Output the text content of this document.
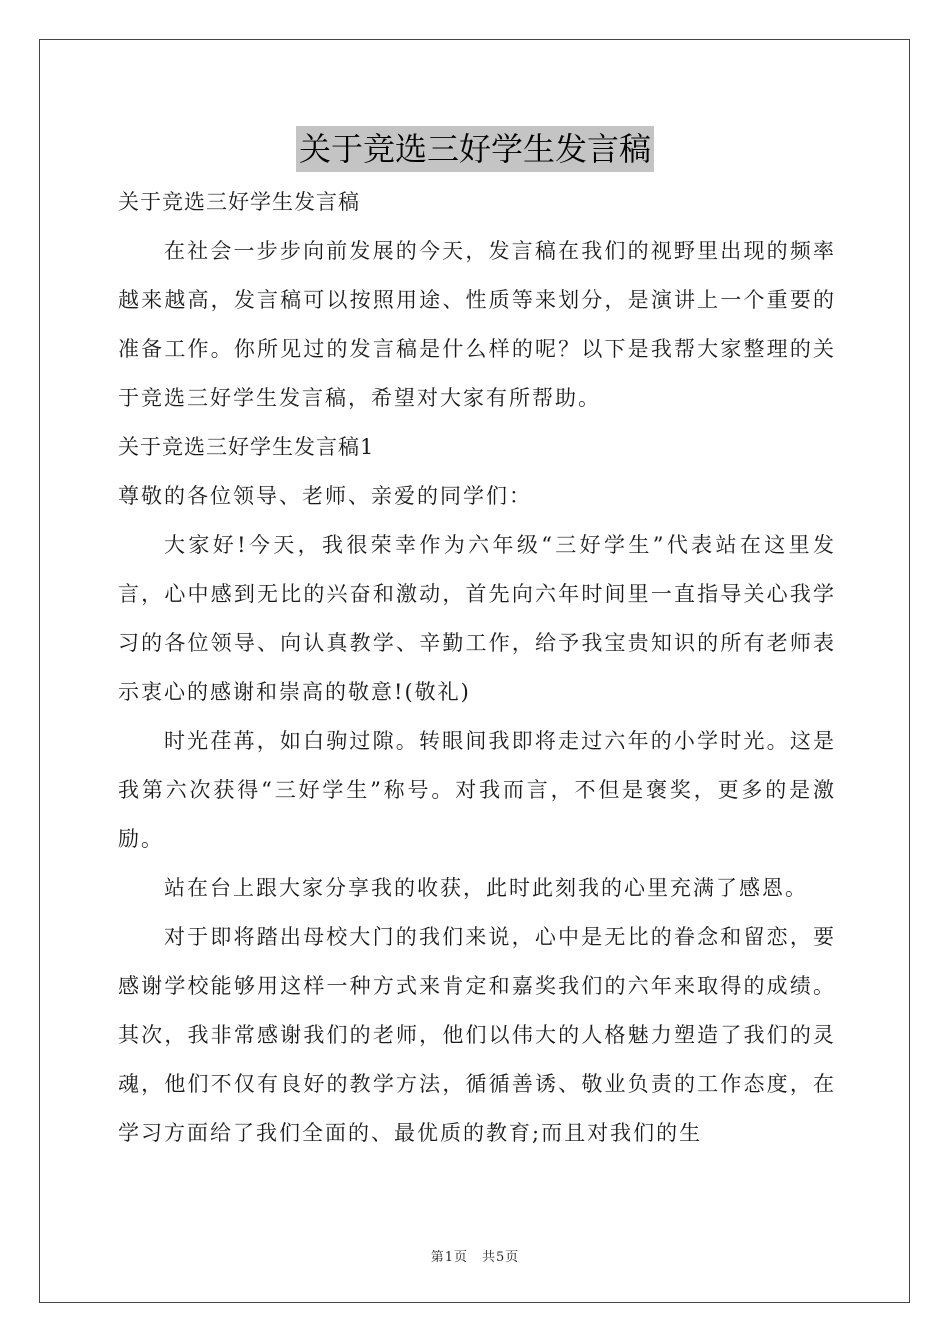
关于竞选三好学生发言稿

关于竞选三好学生发言稿

在社会一步步向前发展的今天，发言稿在我们的视野里出现的频率越来越高，发言稿可以按照用途、性质等来划分，是演讲上一个重要的准备工作。你所见过的发言稿是什么样的呢？以下是我帮大家整理的关于竞选三好学生发言稿，希望对大家有所帮助。

关于竞选三好学生发言稿1

尊敬的各位领导、老师、亲爱的同学们：

大家好!今天，我很荣幸作为六年级“三好学生”代表站在这里发言，心中感到无比的兴奋和激动，首先向六年时间里一直指导关心我学习的各位领导、向认真教学、辛勤工作，给予我宝贵知识的所有老师表示衷心的感谢和崇高的敬意!(敬礼)

时光荏苒，如白驹过隙。转眼间我即将走过六年的小学时光。这是我第六次获得“三好学生”称号。对我而言，不但是褒奖，更多的是激励。

站在台上跟大家分享我的收获，此时此刻我的心里充满了感恩。

对于即将踏出母校大门的我们来说，心中是无比的眷念和留恋，要感谢学校能够用这样一种方式来肯定和嘉奖我们的六年来取得的成绩。其次，我非常感谢我们的老师，他们以伟大的人格魅力塑造了我们的灵魂，他们不仅有良好的教学方法，循循善诱、敬业负责的工作态度，在学习方面给了我们全面的、最优质的教育;而且对我们的生

第1页 共5页
